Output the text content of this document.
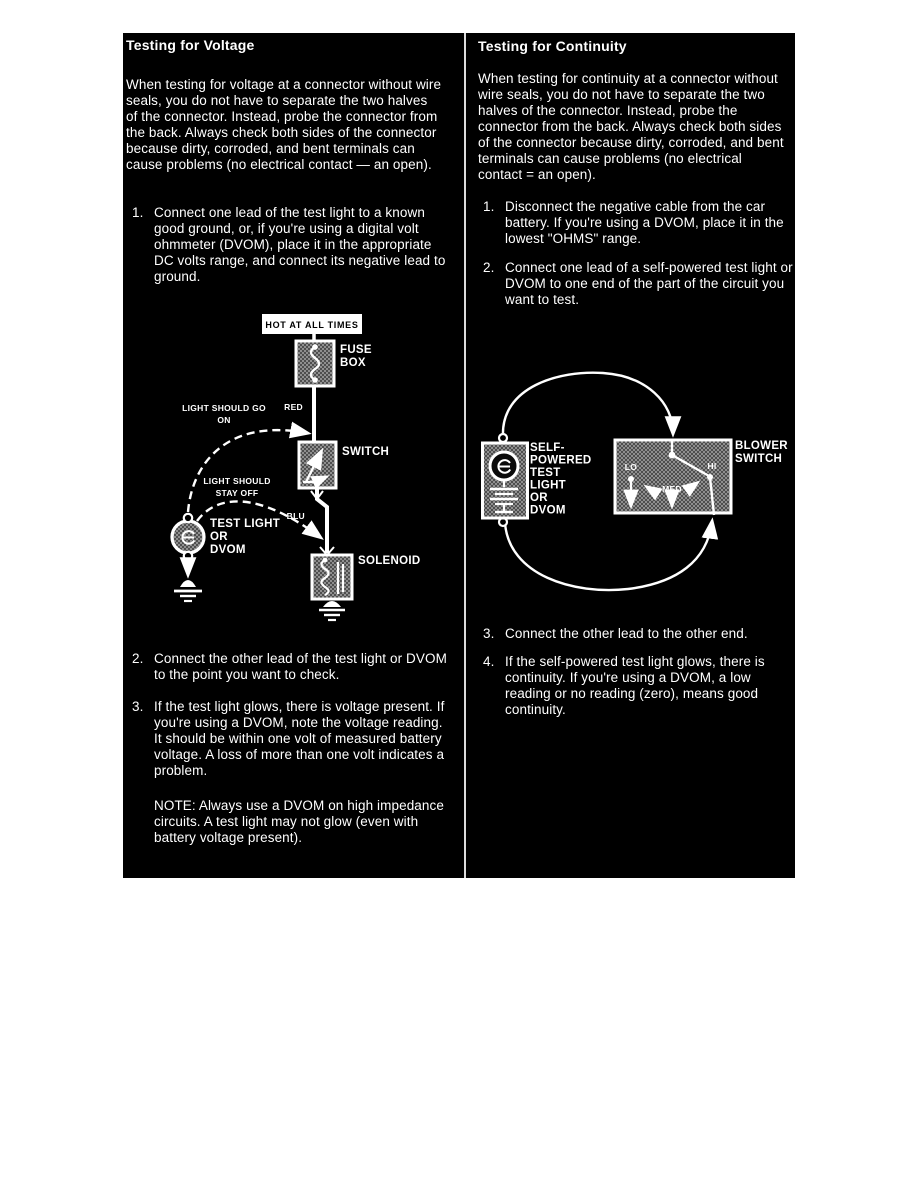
Testing for Voltage
When testing for voltage at a connector without wire seals, you do not have to separate the two halves of the connector. Instead, probe the connector from the back. Always check both sides of the connector because dirty, corroded, and bent terminals can cause problems (no electrical contact — an open).
1. Connect one lead of the test light to a known good ground, or, if you're using a digital volt ohmmeter (DVOM), place it in the appropriate DC volts range, and connect its negative lead to ground.
HOT AT ALL TIMES
FUSE
BOX
RED
LIGHT SHOULD GO
ON
SWITCH
LIGHT SHOULD
STAY OFF
BLU
SOLENOID
TEST LIGHT
OR
DVOM
2. Connect the other lead of the test light or DVOM to the point you want to check.
3. If the test light glows, there is voltage present. If you're using a DVOM, note the voltage reading. It should be within one volt of measured battery voltage. A loss of more than one volt indicates a problem.
NOTE: Always use a DVOM on high impedance circuits. A test light may not glow (even with battery voltage present).
Testing for Continuity
When testing for continuity at a connector without wire seals, you do not have to separate the two halves of the connector. Instead, probe the connector from the back. Always check both sides of the connector because dirty, corroded, and bent terminals can cause problems (no electrical contact = an open).
1. Disconnect the negative cable from the car battery. If you're using a DVOM, place it in the lowest "OHMS" range.
2. Connect one lead of a self-powered test light or DVOM to one end of the part of the circuit you want to test.
SELF-
POWERED
TEST
LIGHT
OR
DVOM
LO
MED
HI
BLOWER
SWITCH
3. Connect the other lead to the other end.
4. If the self-powered test light glows, there is continuity. If you're using a DVOM, a low reading or no reading (zero), means good continuity.
